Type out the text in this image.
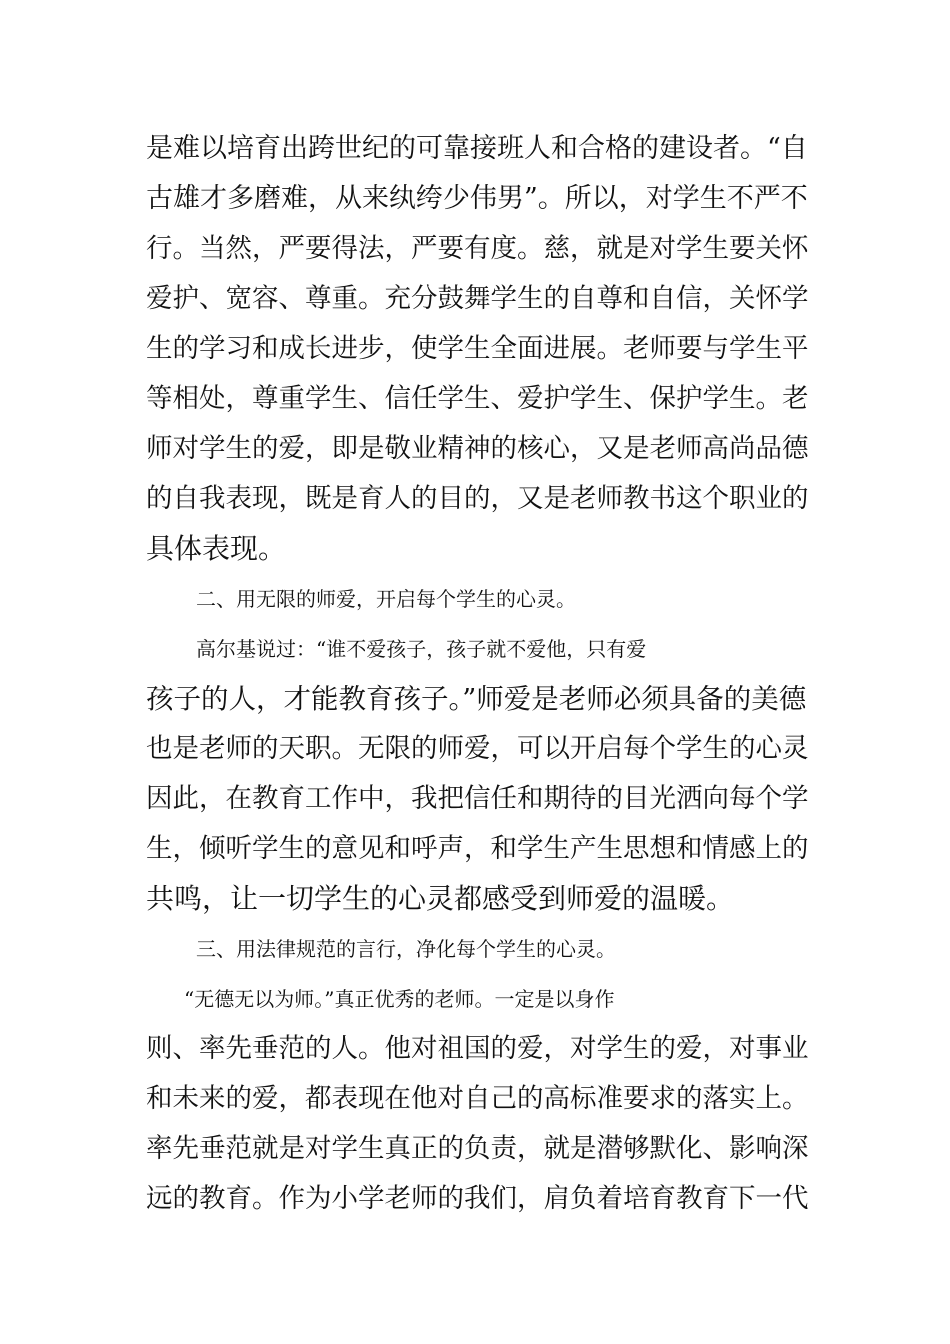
是难以培育出跨世纪的可靠接班人和合格的建设者。“自
古雄才多磨难，从来纨绔少伟男”。所以，对学生不严不
行。当然，严要得法，严要有度。慈，就是对学生要关怀
爱护、宽容、尊重。充分鼓舞学生的自尊和自信，关怀学
生的学习和成长进步，使学生全面进展。老师要与学生平
等相处，尊重学生、信任学生、爱护学生、保护学生。老
师对学生的爱，即是敬业精神的核心，又是老师高尚品德
的自我表现，既是育人的目的，又是老师教书这个职业的
具体表现。
二、用无限的师爱，开启每个学生的心灵。
高尔基说过：“谁不爱孩子，孩子就不爱他，只有爱
孩子的人，才能教育孩子。”师爱是老师必须具备的美德
也是老师的天职。无限的师爱，可以开启每个学生的心灵
因此，在教育工作中，我把信任和期待的目光洒向每个学
生，倾听学生的意见和呼声，和学生产生思想和情感上的
共鸣，让一切学生的心灵都感受到师爱的温暖。
三、用法律规范的言行，净化每个学生的心灵。
“无德无以为师。”真正优秀的老师。一定是以身作
则、率先垂范的人。他对祖国的爱，对学生的爱，对事业
和未来的爱，都表现在他对自己的高标准要求的落实上。
率先垂范就是对学生真正的负责，就是潜够默化、影响深
远的教育。作为小学老师的我们，肩负着培育教育下一代
